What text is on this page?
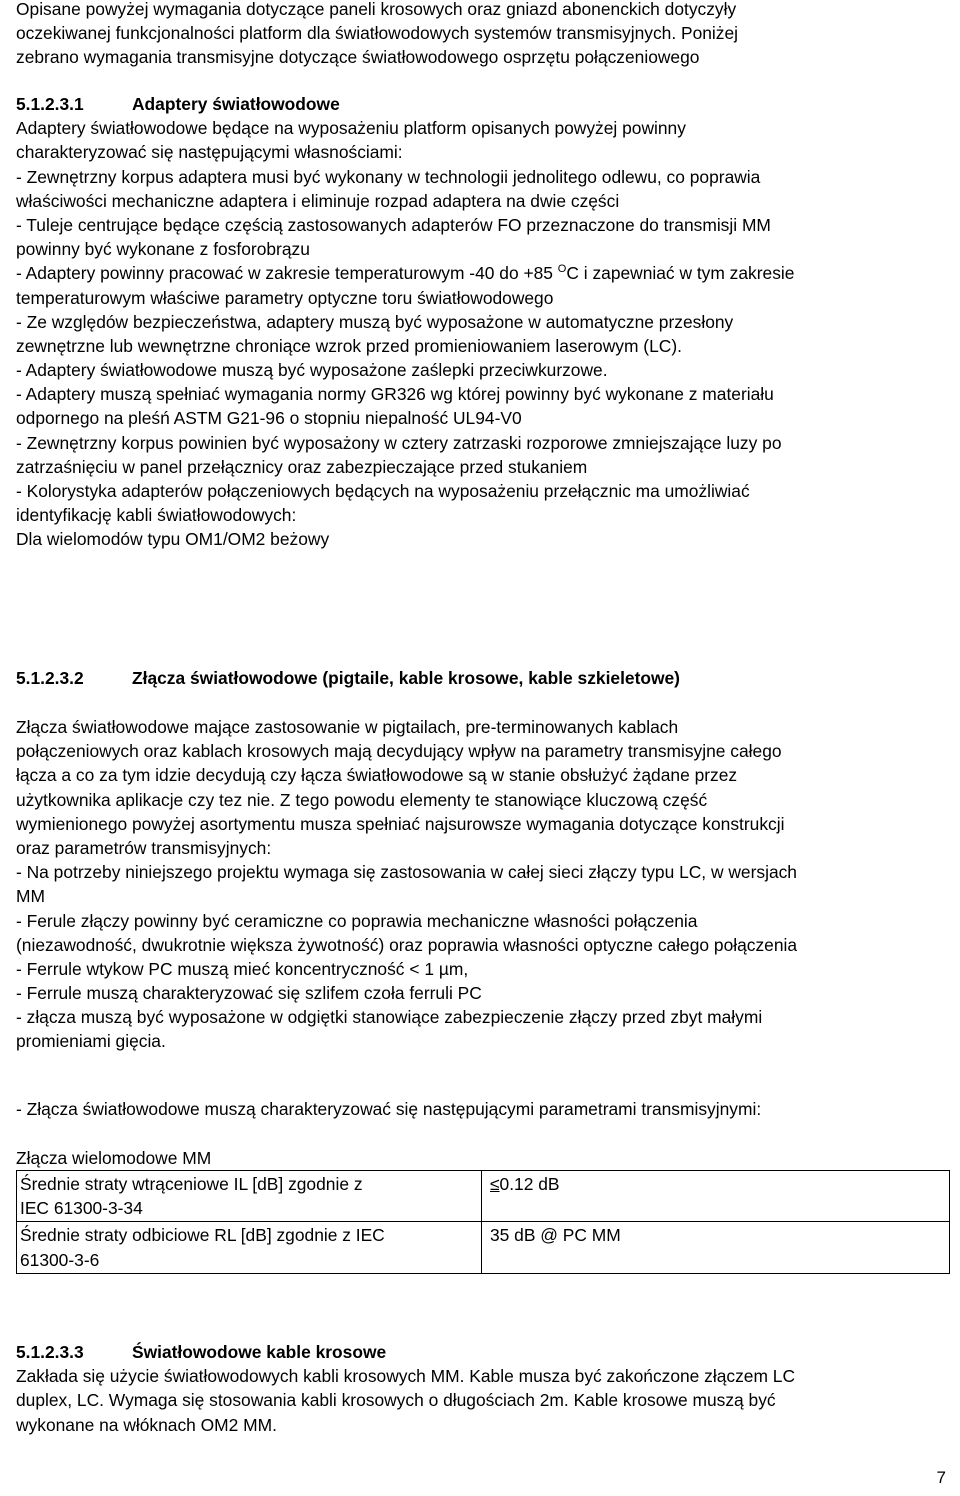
Opisane powyżej wymagania dotyczące paneli krosowych oraz gniazd abonenckich dotyczyły
oczekiwanej funkcjonalności platform dla światłowodowych systemów transmisyjnych. Poniżej
zebrano wymagania transmisyjne dotyczące światłowodowego osprzętu połączeniowego
5.1.2.3.1	Adaptery światłowodowe
Adaptery światłowodowe będące na wyposażeniu platform opisanych powyżej powinny
charakteryzować się następującymi własnościami:
- Zewnętrzny korpus adaptera musi być wykonany w technologii jednolitego odlewu, co poprawia
właściwości mechaniczne adaptera i eliminuje rozpad adaptera na dwie części
- Tuleje centrujące będące częścią zastosowanych adapterów FO przeznaczone do transmisji MM
powinny być wykonane z fosforobrązu
- Adaptery powinny pracować w zakresie temperaturowym -40 do +85 $^O$C i zapewniać w tym zakresie
temperaturowym właściwe parametry optyczne toru światłowodowego
- Ze względów bezpieczeństwa, adaptery muszą być wyposażone w automatyczne przesłony
zewnętrzne lub wewnętrzne chroniące wzrok przed promieniowaniem laserowym (LC).
- Adaptery światłowodowe muszą być wyposażone zaślepki przeciwkurzowe.
- Adaptery muszą spełniać wymagania normy GR326 wg której powinny być wykonane z materiału
odpornego na pleśń ASTM G21-96 o stopniu niepalność UL94-V0
- Zewnętrzny korpus powinien być wyposażony w cztery zatrzaski rozporowe zmniejszające luzy po
zatrzaśnięciu w panel przełącznicy oraz zabezpieczające przed stukaniem
- Kolorystyka adapterów połączeniowych będących na wyposażeniu przełącznic ma umożliwiać
identyfikację kabli światłowodowych:
Dla wielomodów typu OM1/OM2 beżowy
5.1.2.3.2	Złącza światłowodowe (pigtaile, kable krosowe, kable szkieletowe)
Złącza światłowodowe mające zastosowanie w pigtailach, pre-terminowanych kablach
połączeniowych oraz kablach krosowych mają decydujący wpływ na parametry transmisyjne całego
łącza a co za tym idzie decydują czy łącza światłowodowe są w stanie obsłużyć żądane przez
użytkownika aplikacje czy tez nie. Z tego powodu elementy te stanowiące kluczową część
wymienionego powyżej asortymentu musza spełniać najsurowsze wymagania dotyczące konstrukcji
oraz parametrów transmisyjnych:
- Na potrzeby niniejszego projektu wymaga się zastosowania w całej sieci złączy typu LC, w wersjach
MM
- Ferule złączy powinny być ceramiczne co poprawia mechaniczne własności połączenia
(niezawodność, dwukrotnie większa żywotność) oraz poprawia własności optyczne całego połączenia
- Ferrule wtykow PC muszą mieć koncentryczność < 1 µm,
- Ferrule muszą charakteryzować się szlifem czoła ferruli PC
- złącza muszą być wyposażone w odgiętki stanowiące zabezpieczenie złączy przed zbyt małymi
promieniami gięcia.
- Złącza światłowodowe muszą charakteryzować się następującymi parametrami transmisyjnymi:
Złącza wielomodowe MM
Średnie straty wtrąceniowe IL [dB] zgodnie z
IEC 61300-3-34	≤0.12 dB

Średnie straty odbiciowe RL [dB] zgodnie z IEC
61300-3-6	35 dB @ PC MM
5.1.2.3.3	Światłowodowe kable krosowe
Zakłada się użycie światłowodowych kabli krosowych MM. Kable musza być zakończone złączem LC
duplex, LC. Wymaga się stosowania kabli krosowych o długościach 2m. Kable krosowe muszą być
wykonane na włóknach OM2 MM.
7
